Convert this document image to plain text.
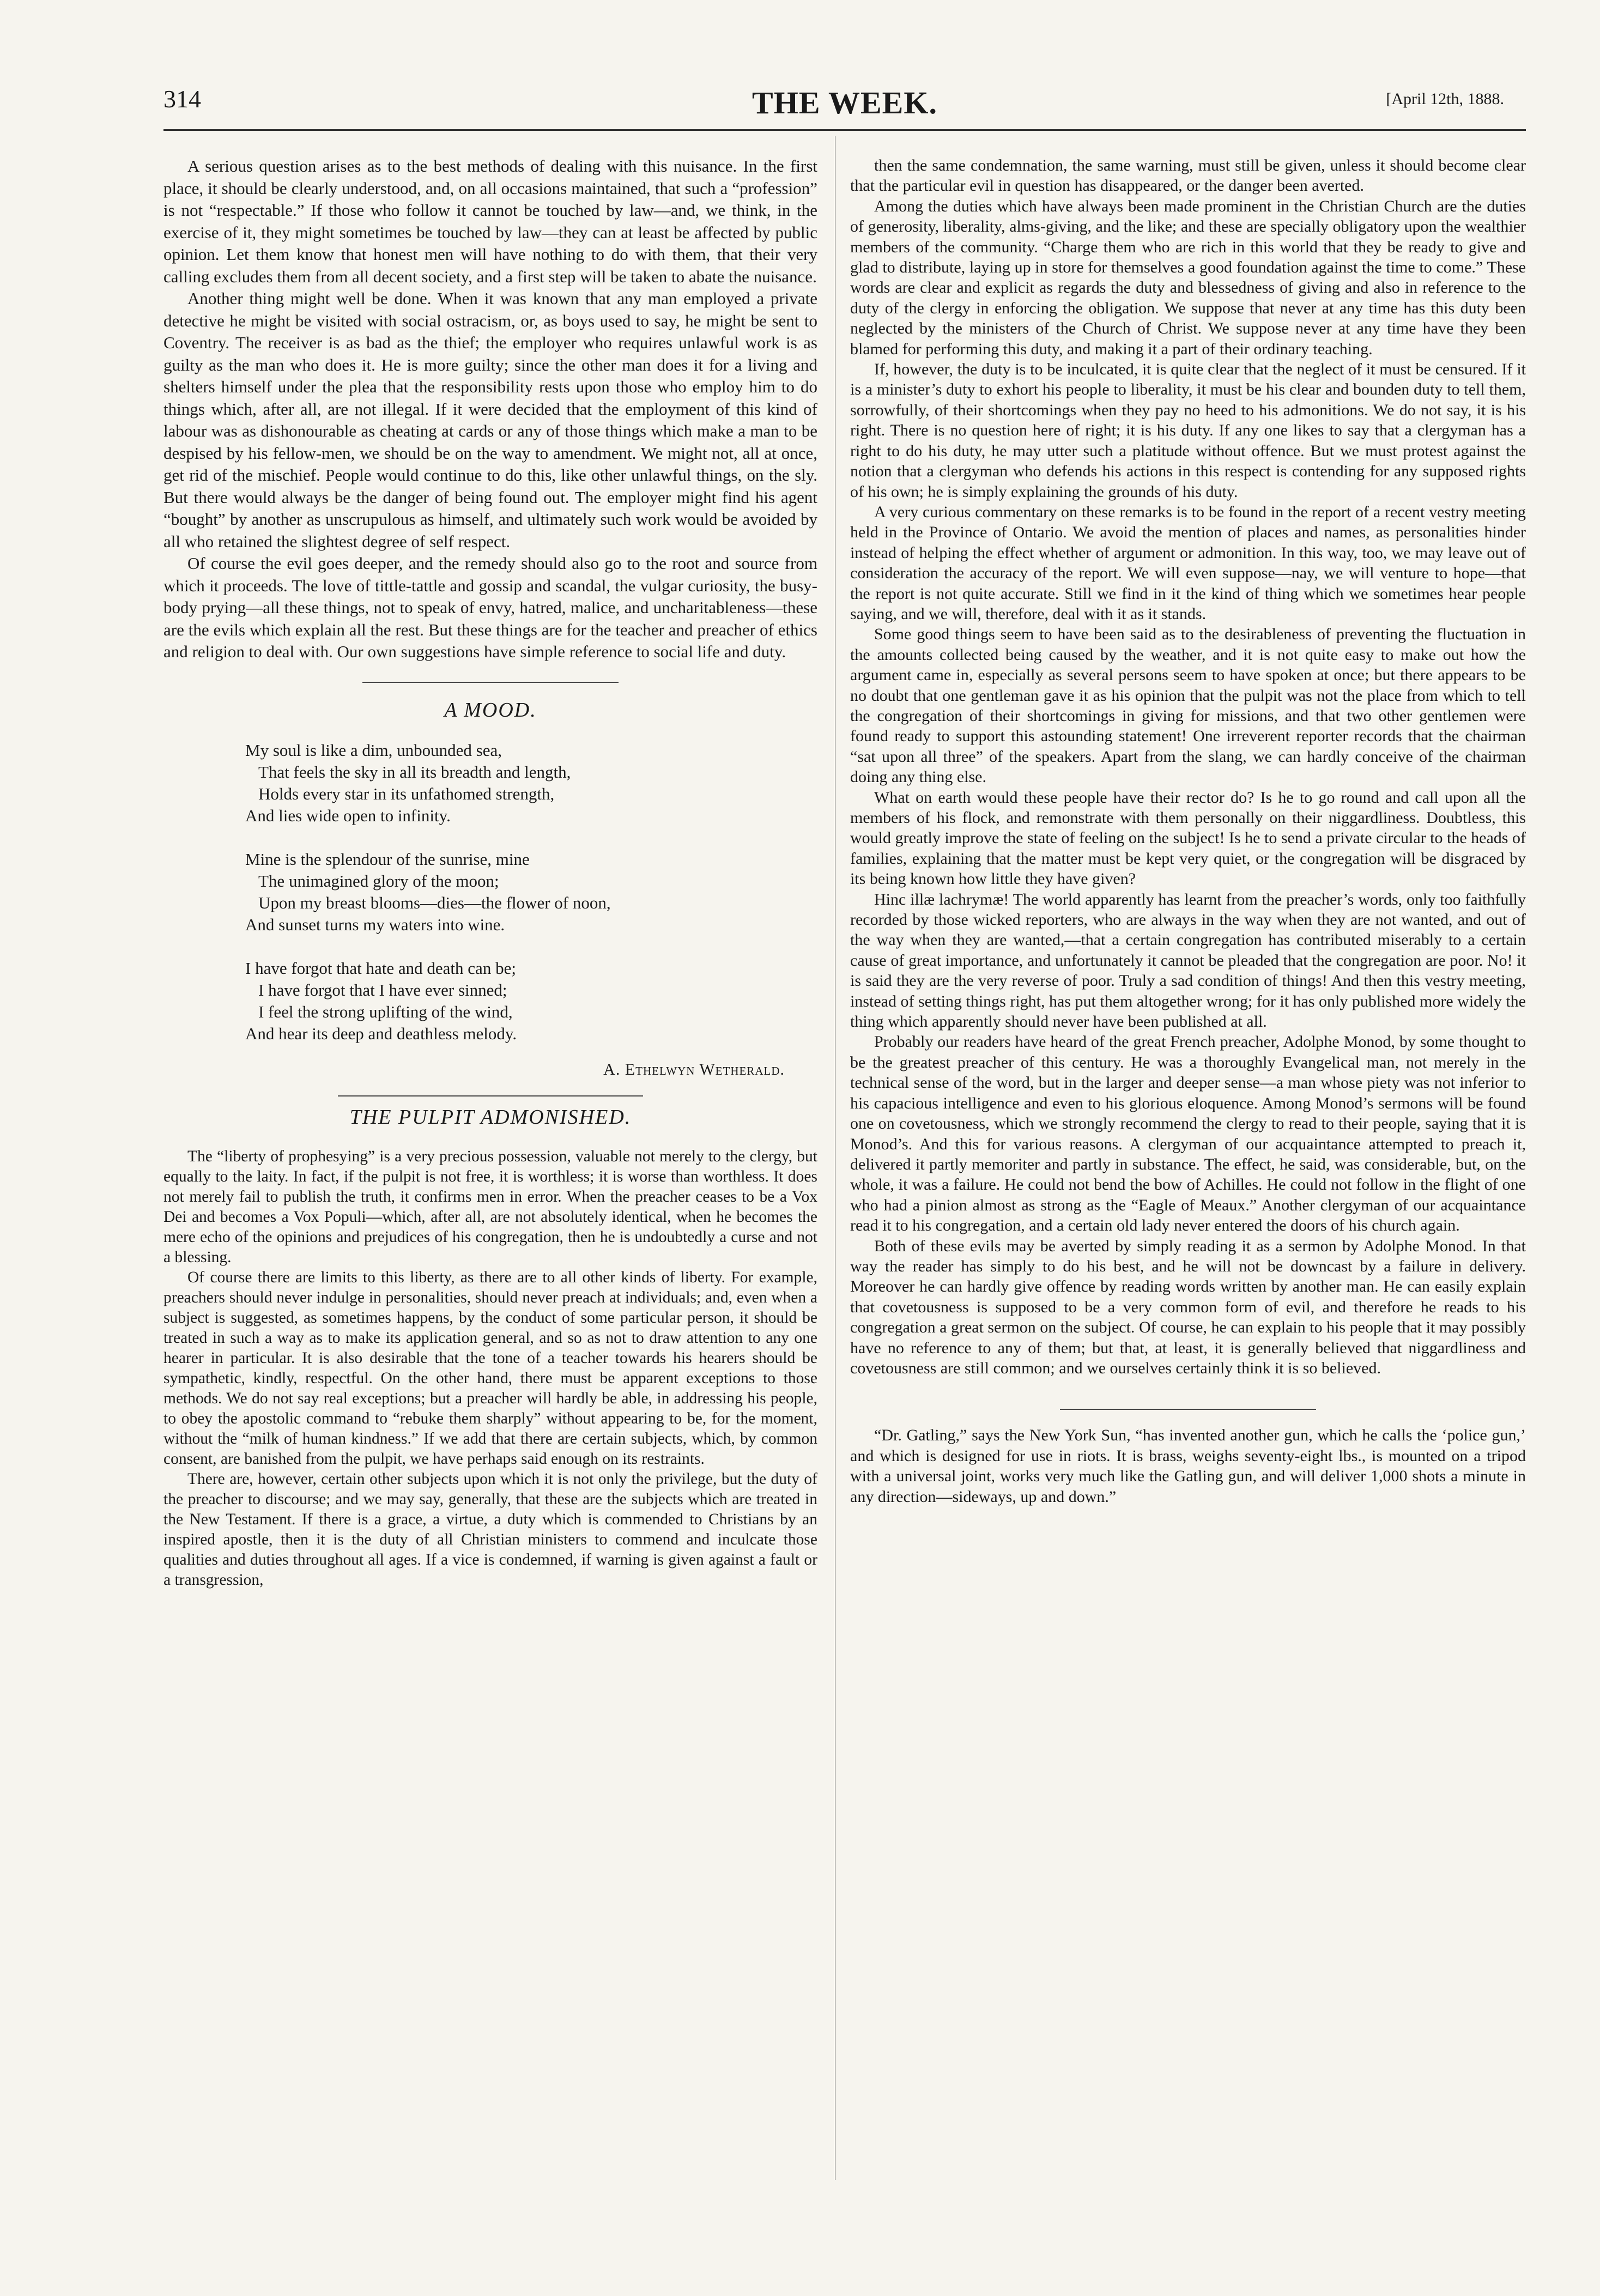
314	THE WEEK.	[April 12th, 1888.

A serious question arises as to the best methods of dealing with this nuisance. In the first place, it should be clearly understood, and, on all occasions maintained, that such a “profession” is not “respectable.” If those who follow it cannot be touched by law—and, we think, in the exercise of it, they might sometimes be touched by law—they can at least be affected by public opinion. Let them know that honest men will have nothing to do with them, that their very calling excludes them from all decent society, and a first step will be taken to abate the nuisance.

Another thing might well be done. When it was known that any man employed a private detective he might be visited with social ostracism, or, as boys used to say, he might be sent to Coventry. The receiver is as bad as the thief; the employer who requires unlawful work is as guilty as the man who does it. He is more guilty; since the other man does it for a living and shelters himself under the plea that the responsibility rests upon those who employ him to do things which, after all, are not illegal. If it were decided that the employment of this kind of labour was as dishonourable as cheating at cards or any of those things which make a man to be despised by his fellow-men, we should be on the way to amendment. We might not, all at once, get rid of the mischief. People would continue to do this, like other unlawful things, on the sly. But there would always be the danger of being found out. The employer might find his agent “bought” by another as unscrupulous as himself, and ultimately such work would be avoided by all who retained the slightest degree of self respect.

Of course the evil goes deeper, and the remedy should also go to the root and source from which it proceeds. The love of tittle-tattle and gossip and scandal, the vulgar curiosity, the busy-body prying—all these things, not to speak of envy, hatred, malice, and uncharitableness—these are the evils which explain all the rest. But these things are for the teacher and preacher of ethics and religion to deal with. Our own suggestions have simple reference to social life and duty.

A MOOD.
My soul is like a dim, unbounded sea,
That feels the sky in all its breadth and length,
Holds every star in its unfathomed strength,
And lies wide open to infinity.
Mine is the splendour of the sunrise, mine
The unimagined glory of the moon;
Upon my breast blooms—dies—the flower of noon,
And sunset turns my waters into wine.
I have forgot that hate and death can be;
I have forgot that I have ever sinned;
I feel the strong uplifting of the wind,
And hear its deep and deathless melody.
A. Ethelwyn Wetherald.
THE PULPIT ADMONISHED.

The “liberty of prophesying” is a very precious possession, valuable not merely to the clergy, but equally to the laity. In fact, if the pulpit is not free, it is worthless; it is worse than worthless. It does not merely fail to publish the truth, it confirms men in error. When the preacher ceases to be a Vox Dei and becomes a Vox Populi—which, after all, are not absolutely identical, when he becomes the mere echo of the opinions and prejudices of his congregation, then he is undoubtedly a curse and not a blessing.

Of course there are limits to this liberty, as there are to all other kinds of liberty. For example, preachers should never indulge in personalities, should never preach at individuals; and, even when a subject is suggested, as sometimes happens, by the conduct of some particular person, it should be treated in such a way as to make its application general, and so as not to draw attention to any one hearer in particular. It is also desirable that the tone of a teacher towards his hearers should be sympathetic, kindly, respectful. On the other hand, there must be apparent exceptions to those methods. We do not say real exceptions; but a preacher will hardly be able, in addressing his people, to obey the apostolic command to “rebuke them sharply” without appearing to be, for the moment, without the “milk of human kindness.” If we add that there are certain subjects, which, by common consent, are banished from the pulpit, we have perhaps said enough on its restraints.

There are, however, certain other subjects upon which it is not only the privilege, but the duty of the preacher to discourse; and we may say, generally, that these are the subjects which are treated in the New Testament. If there is a grace, a virtue, a duty which is commended to Christians by an inspired apostle, then it is the duty of all Christian ministers to commend and inculcate those qualities and duties throughout all ages. If a vice is condemned, if warning is given against a fault or a transgression,

then the same condemnation, the same warning, must still be given, unless it should become clear that the particular evil in question has disappeared, or the danger been averted.

Among the duties which have always been made prominent in the Christian Church are the duties of generosity, liberality, alms-giving, and the like; and these are specially obligatory upon the wealthier members of the community. “Charge them who are rich in this world that they be ready to give and glad to distribute, laying up in store for themselves a good foundation against the time to come.” These words are clear and explicit as regards the duty and blessedness of giving and also in reference to the duty of the clergy in enforcing the obligation. We suppose that never at any time has this duty been neglected by the ministers of the Church of Christ. We suppose never at any time have they been blamed for performing this duty, and making it a part of their ordinary teaching.

If, however, the duty is to be inculcated, it is quite clear that the neglect of it must be censured. If it is a minister’s duty to exhort his people to liberality, it must be his clear and bounden duty to tell them, sorrowfully, of their shortcomings when they pay no heed to his admonitions. We do not say, it is his right. There is no question here of right; it is his duty. If any one likes to say that a clergyman has a right to do his duty, he may utter such a platitude without offence. But we must protest against the notion that a clergyman who defends his actions in this respect is contending for any supposed rights of his own; he is simply explaining the grounds of his duty.

A very curious commentary on these remarks is to be found in the report of a recent vestry meeting held in the Province of Ontario. We avoid the mention of places and names, as personalities hinder instead of helping the effect whether of argument or admonition. In this way, too, we may leave out of consideration the accuracy of the report. We will even suppose—nay, we will venture to hope—that the report is not quite accurate. Still we find in it the kind of thing which we sometimes hear people saying, and we will, therefore, deal with it as it stands.

Some good things seem to have been said as to the desirableness of preventing the fluctuation in the amounts collected being caused by the weather, and it is not quite easy to make out how the argument came in, especially as several persons seem to have spoken at once; but there appears to be no doubt that one gentleman gave it as his opinion that the pulpit was not the place from which to tell the congregation of their shortcomings in giving for missions, and that two other gentlemen were found ready to support this astounding statement! One irreverent reporter records that the chairman “sat upon all three” of the speakers. Apart from the slang, we can hardly conceive of the chairman doing any thing else.

What on earth would these people have their rector do? Is he to go round and call upon all the members of his flock, and remonstrate with them personally on their niggardliness. Doubtless, this would greatly improve the state of feeling on the subject! Is he to send a private circular to the heads of families, explaining that the matter must be kept very quiet, or the congregation will be disgraced by its being known how little they have given?

Hinc illæ lachrymæ! The world apparently has learnt from the preacher’s words, only too faithfully recorded by those wicked reporters, who are always in the way when they are not wanted, and out of the way when they are wanted,—that a certain congregation has contributed miserably to a certain cause of great importance, and unfortunately it cannot be pleaded that the congregation are poor. No! it is said they are the very reverse of poor. Truly a sad condition of things! And then this vestry meeting, instead of setting things right, has put them altogether wrong; for it has only published more widely the thing which apparently should never have been published at all.

Probably our readers have heard of the great French preacher, Adolphe Monod, by some thought to be the greatest preacher of this century. He was a thoroughly Evangelical man, not merely in the technical sense of the word, but in the larger and deeper sense—a man whose piety was not inferior to his capacious intelligence and even to his glorious eloquence. Among Monod’s sermons will be found one on covetousness, which we strongly recommend the clergy to read to their people, saying that it is Monod’s. And this for various reasons. A clergyman of our acquaintance attempted to preach it, delivered it partly memoriter and partly in substance. The effect, he said, was considerable, but, on the whole, it was a failure. He could not bend the bow of Achilles. He could not follow in the flight of one who had a pinion almost as strong as the “Eagle of Meaux.” Another clergyman of our acquaintance read it to his congregation, and a certain old lady never entered the doors of his church again.

Both of these evils may be averted by simply reading it as a sermon by Adolphe Monod. In that way the reader has simply to do his best, and he will not be downcast by a failure in delivery. Moreover he can hardly give offence by reading words written by another man. He can easily explain that covetousness is supposed to be a very common form of evil, and therefore he reads to his congregation a great sermon on the subject. Of course, he can explain to his people that it may possibly have no reference to any of them; but that, at least, it is generally believed that niggardliness and covetousness are still common; and we ourselves certainly think it is so believed.

“Dr. Gatling,” says the New York Sun, “has invented another gun, which he calls the ‘police gun,’ and which is designed for use in riots. It is brass, weighs seventy-eight lbs., is mounted on a tripod with a universal joint, works very much like the Gatling gun, and will deliver 1,000 shots a minute in any direction—sideways, up and down.”
